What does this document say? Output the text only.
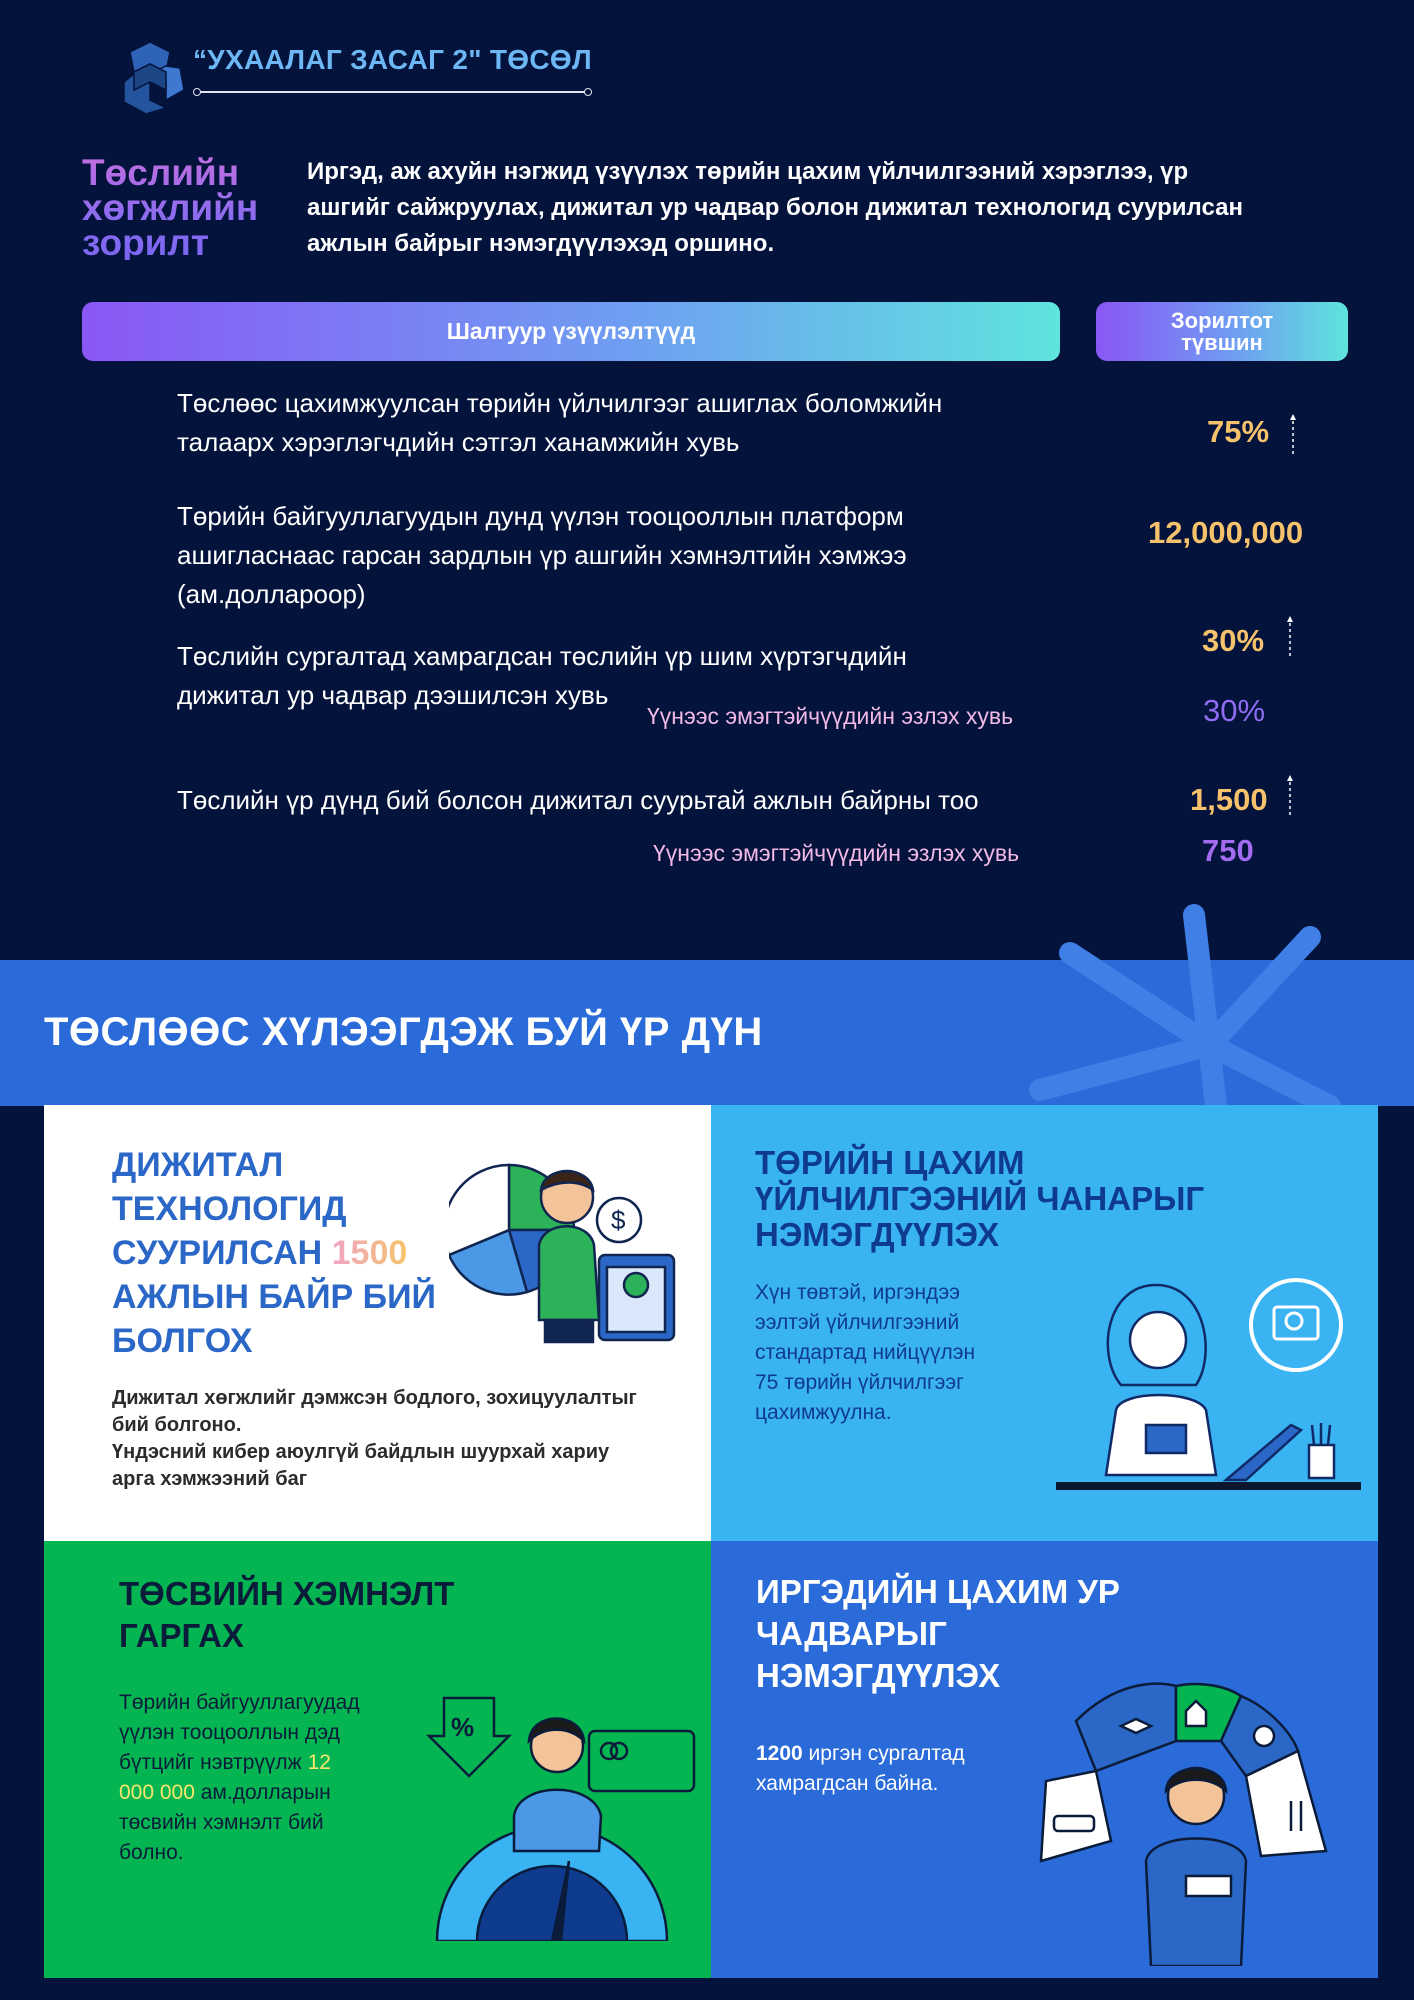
“УХААЛАГ ЗАСАГ 2" ТӨСӨЛ
Төслийн
хөгжлийн
зорилт
Иргэд, аж ахуйн нэгжид үзүүлэх төрийн цахим үйлчилгээний хэрэглээ, үр
ашгийг сайжруулах, дижитал ур чадвар болон дижитал технологид суурилсан
ажлын байрыг нэмэгдүүлэхэд оршино.
Шалгуур үзүүлэлтүүд	Зорилтот
түвшин
Төслөөс цахимжуулсан төрийн үйлчилгээг ашиглах боломжийн
талаарх хэрэглэгчдийн сэтгэл ханамжийн хувь	75%
Төрийн байгууллагуудын дунд үүлэн тооцооллын платформ
ашигласнаас гарсан зардлын үр ашгийн хэмнэлтийн хэмжээ
(ам.доллароор)
12,000,000
Төслийн сургалтад хамрагдсан төслийн үр шим хүртэгчдийн
дижитал ур чадвар дээшилсэн хувь
30%
Үүнээс эмэгтэйчүүдийн эзлэх хувь	30%
Төслийн үр дүнд бий болсон дижитал суурьтай ажлын байрны тоо	1,500
Үүнээс эмэгтэйчүүдийн эзлэх хувь	750
ТӨСЛӨӨС ХҮЛЭЭГДЭЖ БУЙ ҮР ДҮН
ДИЖИТАЛ
ТЕХНОЛОГИД
СУУРИЛСАН 1500
АЖЛЫН БАЙР БИЙ
БОЛГОХ
$
Дижитал хөгжлийг дэмжсэн бодлого, зохицуулалтыг
бий болгоно.
Үндэсний кибер аюулгүй байдлын шуурхай хариу
арга хэмжээний баг
ТӨРИЙН ЦАХИМ
ҮЙЛЧИЛГЭЭНИЙ ЧАНАРЫГ
НЭМЭГДҮҮЛЭХ
Хүн төвтэй, иргэндээ
ээлтэй үйлчилгээний
стандартад нийцүүлэн
75 төрийн үйлчилгээг
цахимжуулна.
ТӨСВИЙН ХЭМНЭЛТ
ГАРГАХ
Төрийн байгууллагуудад
үүлэн тооцооллын дэд
бүтцийг нэвтрүүлж 12
000 000 ам.долларын
төсвийн хэмнэлт бий
болно.
%
ИРГЭДИЙН ЦАХИМ УР
ЧАДВАРЫГ
НЭМЭГДҮҮЛЭХ
1200 иргэн сургалтад
хамрагдсан байна.
